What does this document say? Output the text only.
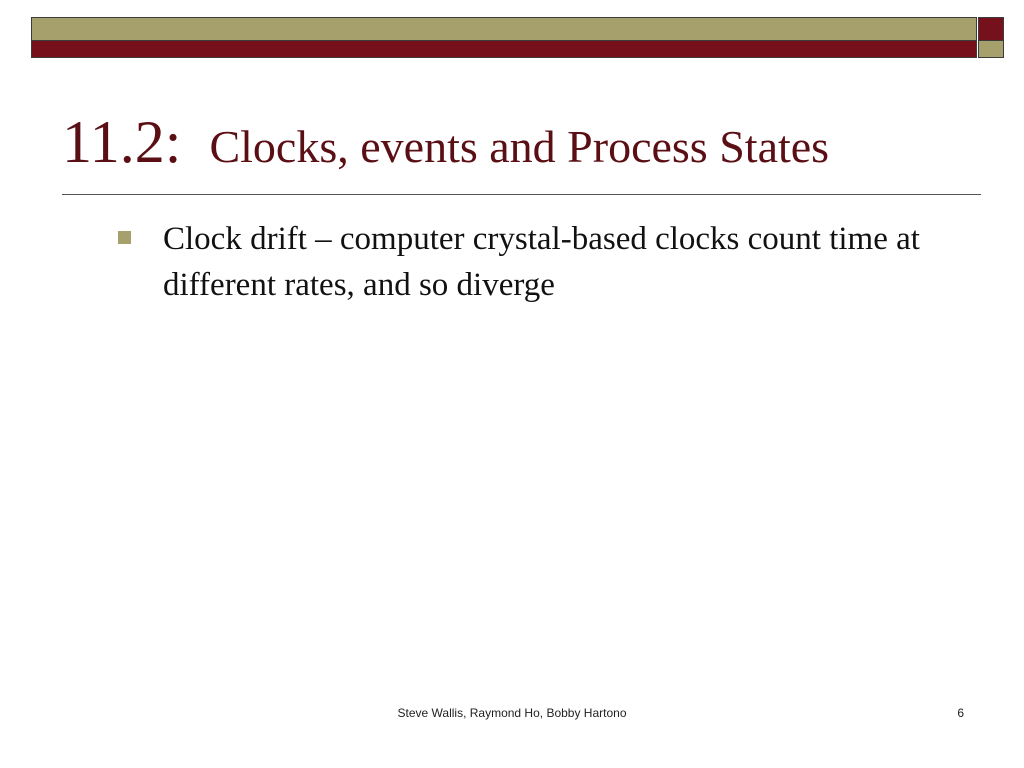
11.2: Clocks, events and Process States
Clock drift – computer crystal-based clocks count time at different rates, and so diverge
Steve Wallis, Raymond Ho, Bobby Hartono	6
